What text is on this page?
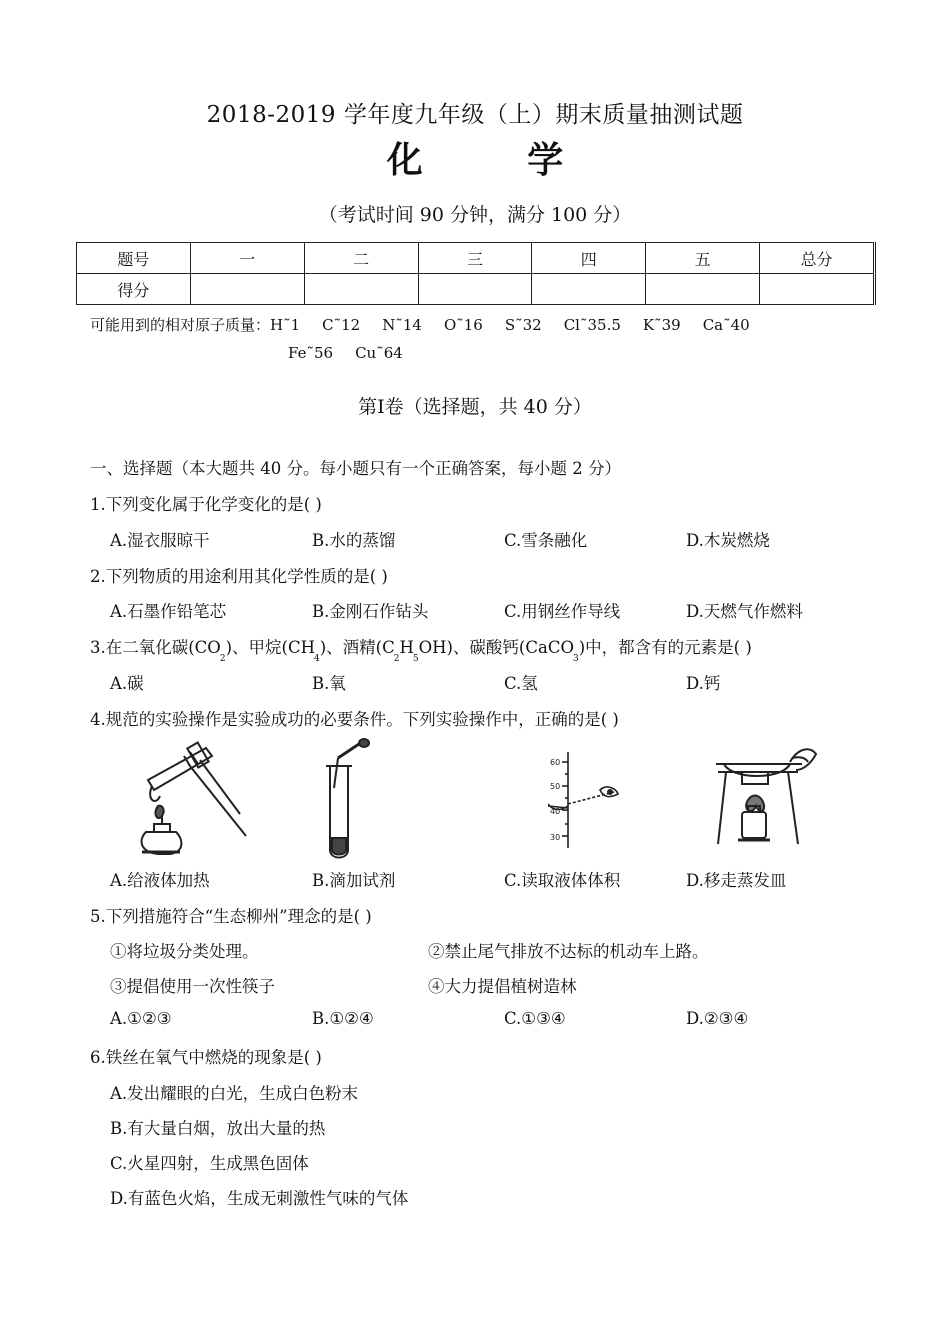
2018-2019 学年度九年级（上）期末质量抽测试题
化 学
（考试时间 90 分钟，满分 100 分）
题号	一	二	三	四	五	总分
得分						
可能用到的相对原子质量：H˜1 C˜12 N˜14 O˜16 S˜32 Cl˜35.5 K˜39 Ca˜40
Fe˜56 Cu˜64
第Ⅰ卷（选择题，共 40 分）
一、选择题（本大题共 40 分。每小题只有一个正确答案，每小题 2 分）
1.下列变化属于化学变化的是( )
A.湿衣服晾干	B.水的蒸馏	C.雪条融化	D.木炭燃烧
2.下列物质的用途利用其化学性质的是( )
A.石墨作铅笔芯	B.金刚石作钻头	C.用钢丝作导线	D.天燃气作燃料
3.在二氧化碳$(CO_2)$、甲烷$(CH_4)$、酒精$(C_2H_5OH)$、碳酸钙(CaCO$_3$)中，都含有的元素是( )
A.碳	B.氧	C.氢	D.钙
4.规范的实验操作是实验成功的必要条件。下列实验操作中，正确的是( )
60
50
40
30
A.给液体加热	B.滴加试剂	C.读取液体体积	D.移走蒸发皿
5.下列措施符合“生态柳州”理念的是( )
①将垃圾分类处理。	②禁止尾气排放不达标的机动车上路。
③提倡使用一次性筷子	④大力提倡植树造林
A.①②③	B.①②④	C.①③④	D.②③④
6.铁丝在氧气中燃烧的现象是( )
A.发出耀眼的白光，生成白色粉末
B.有大量白烟，放出大量的热
C.火星四射，生成黑色固体
D.有蓝色火焰，生成无刺激性气味的气体
